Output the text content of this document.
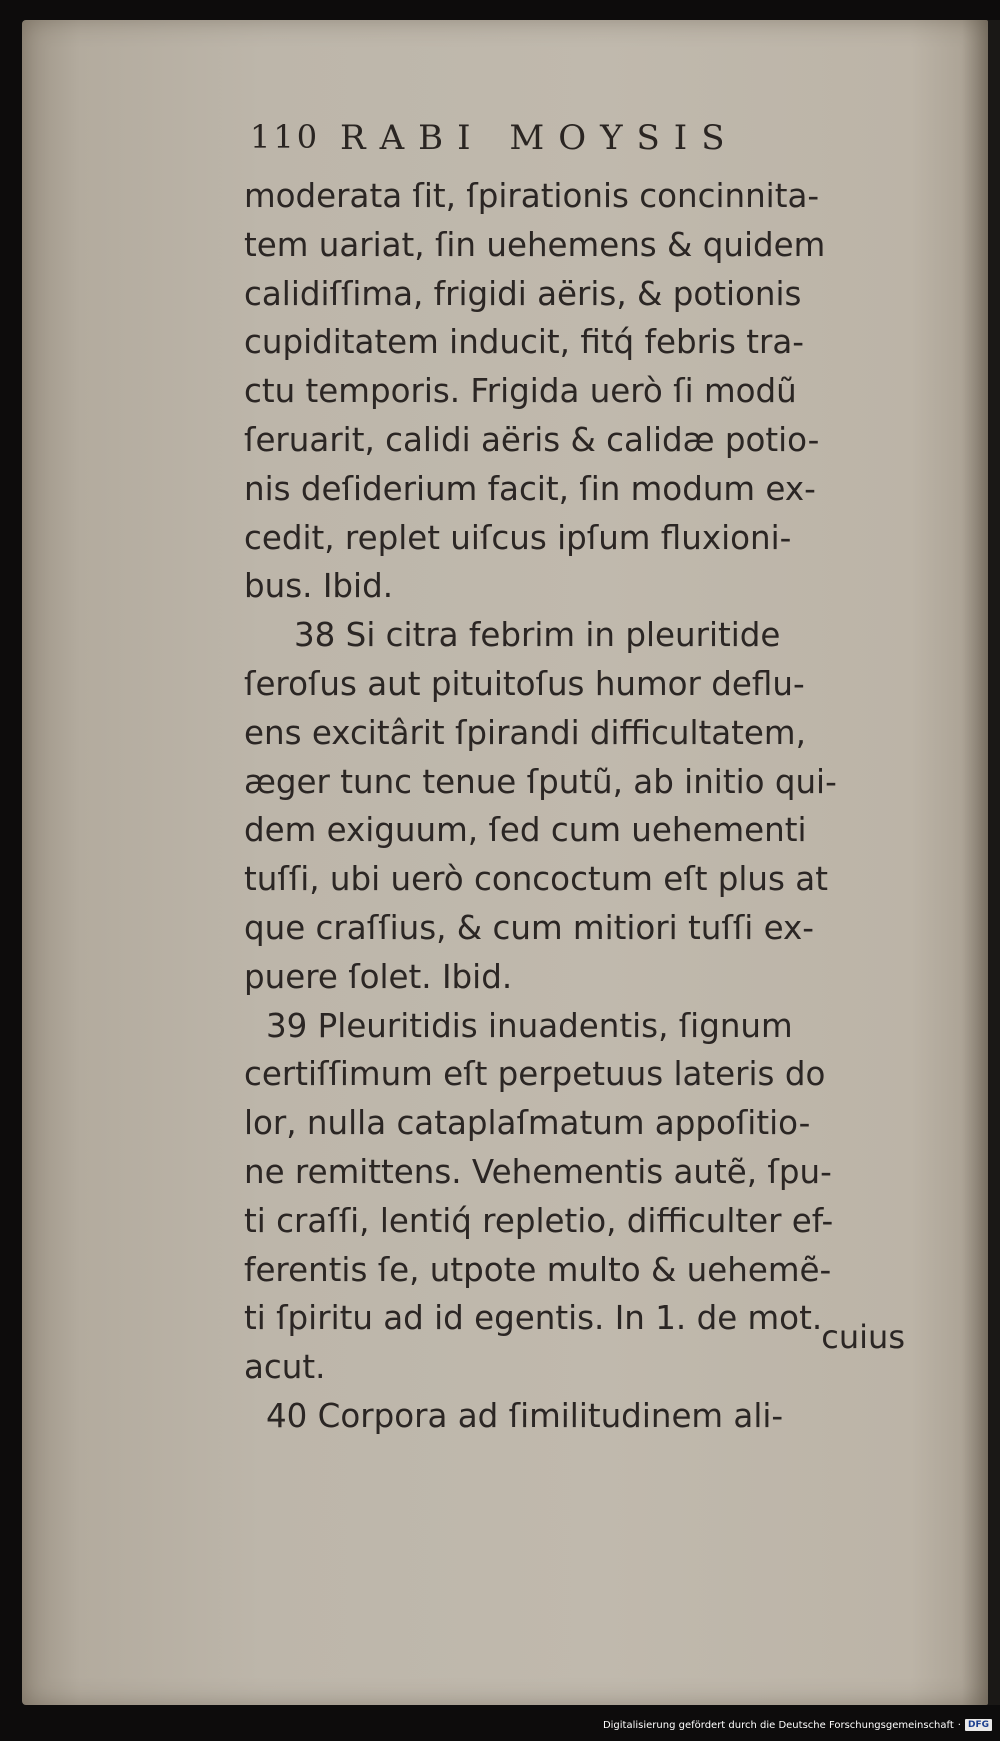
110 RABI MOYSIS
moderata ſit, ſpirationis concinnita-
tem uariat, ſin uehemens & quidem
calidiſſima, frigidi aëris, & potionis
cupiditatem inducit, fitq́ febris tra-
ctu temporis. Frigida uerò ſi modũ
ſeruarit, calidi aëris & calidæ potio-
nis deſiderium facit, ſin modum ex-
cedit, replet uiſcus ipſum fluxioni-
bus. Ibid.
38 Si citra febrim in pleuritide
ſeroſus aut pituitoſus humor deflu-
ens excitârit ſpirandi difficultatem,
æger tunc tenue ſputũ, ab initio qui-
dem exiguum, ſed cum uehementi
tuſſi, ubi uerò concoctum eſt plus at
que craſſius, & cum mitiori tuſſi ex-
puere ſolet. Ibid.
39 Pleuritidis inuadentis, ſignum
certiſſimum eſt perpetuus lateris do
lor, nulla cataplaſmatum appoſitio-
ne remittens. Vehementis autẽ, ſpu-
ti craſſi, lentiq́ repletio, difficulter ef-
ferentis ſe, utpote multo & uehemẽ-
ti ſpiritu ad id egentis. In 1. de mot.
acut.
40 Corpora ad ſimilitudinem ali-
cuius
Digitalisierung gefördert durch die Deutsche Forschungsgemeinschaft · DFG
